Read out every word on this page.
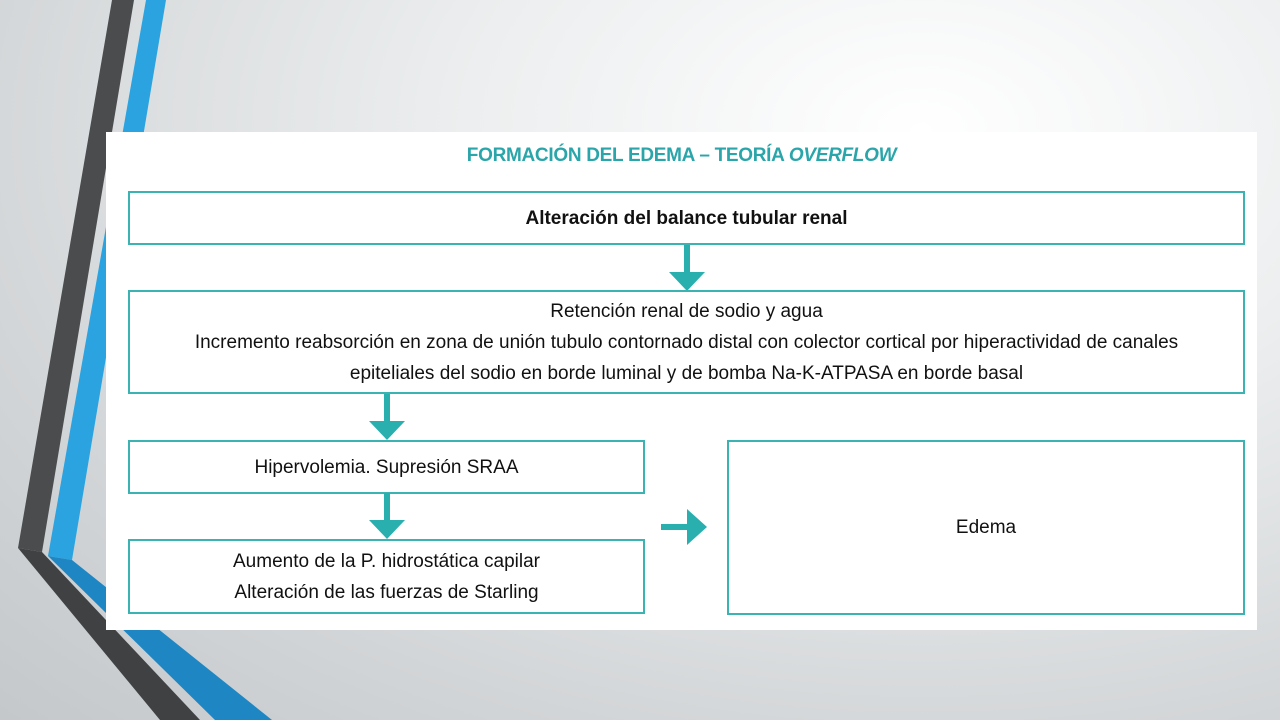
FORMACIÓN DEL EDEMA – TEORÍA OVERFLOW
Alteración del balance tubular renal
Retención renal de sodio y agua
Incremento reabsorción en zona de unión tubulo contornado distal con colector cortical por hiperactividad de canales
epiteliales del sodio en borde luminal y de bomba Na-K-ATPASA en borde basal
Hipervolemia. Supresión SRAA
Aumento de la P. hidrostática capilar
Alteración de las fuerzas de Starling
Edema
